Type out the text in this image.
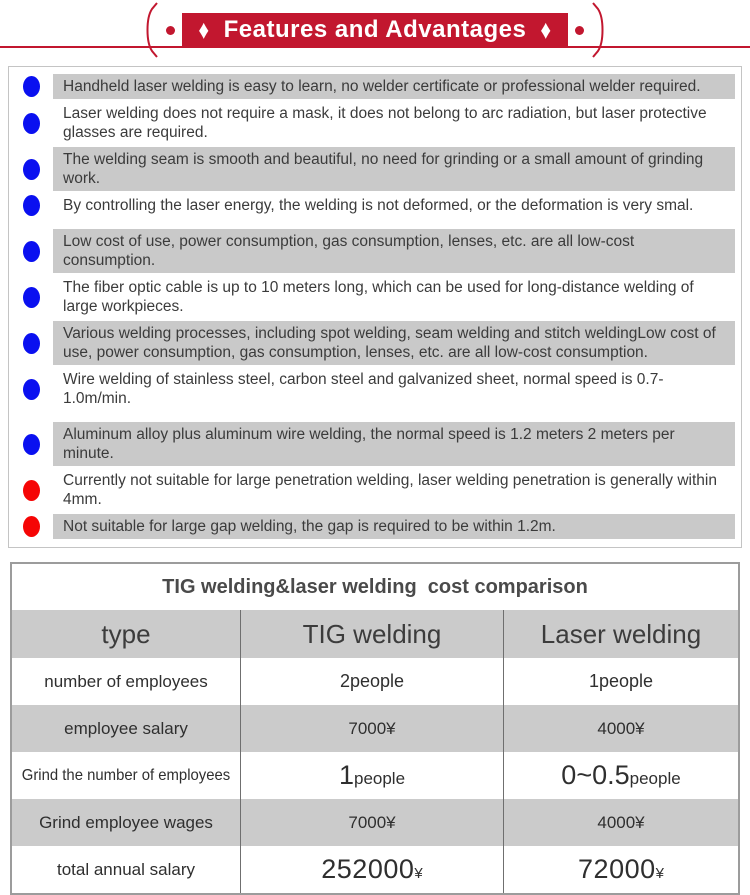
♦ Features and Advantages ♦
Handheld laser welding is easy to learn, no welder certificate or professional welder required.
Laser welding does not require a mask, it does not belong to arc radiation, but laser protective glasses are required.
The welding seam is smooth and beautiful, no need for grinding or a small amount of grinding work.
By controlling the laser energy, the welding is not deformed, or the deformation is very smal.
Low cost of use, power consumption, gas consumption, lenses, etc. are all low-cost consumption.
The fiber optic cable is up to 10 meters long, which can be used for long-distance welding of large workpieces.
Various welding processes, including spot welding, seam welding and stitch weldingLow cost of use, power consumption, gas consumption, lenses, etc. are all low-cost consumption.
Wire welding of stainless steel, carbon steel and galvanized sheet, normal speed is 0.7-1.0m/min.
Aluminum alloy plus aluminum wire welding, the normal speed is 1.2 meters 2 meters per minute.
Currently not suitable for large penetration welding, laser welding penetration is generally within 4mm.
Not suitable for large gap welding, the gap is required to be within 1.2m.
TIG welding&laser welding  cost comparison
type	TIG welding	Laser welding
number of employees	2people	1people
employee salary	7000¥	4000¥
Grind the number of employees	1 people	0~0.5 people
Grind employee wages	7000¥	4000¥
total annual salary	252000 ¥	72000 ¥
